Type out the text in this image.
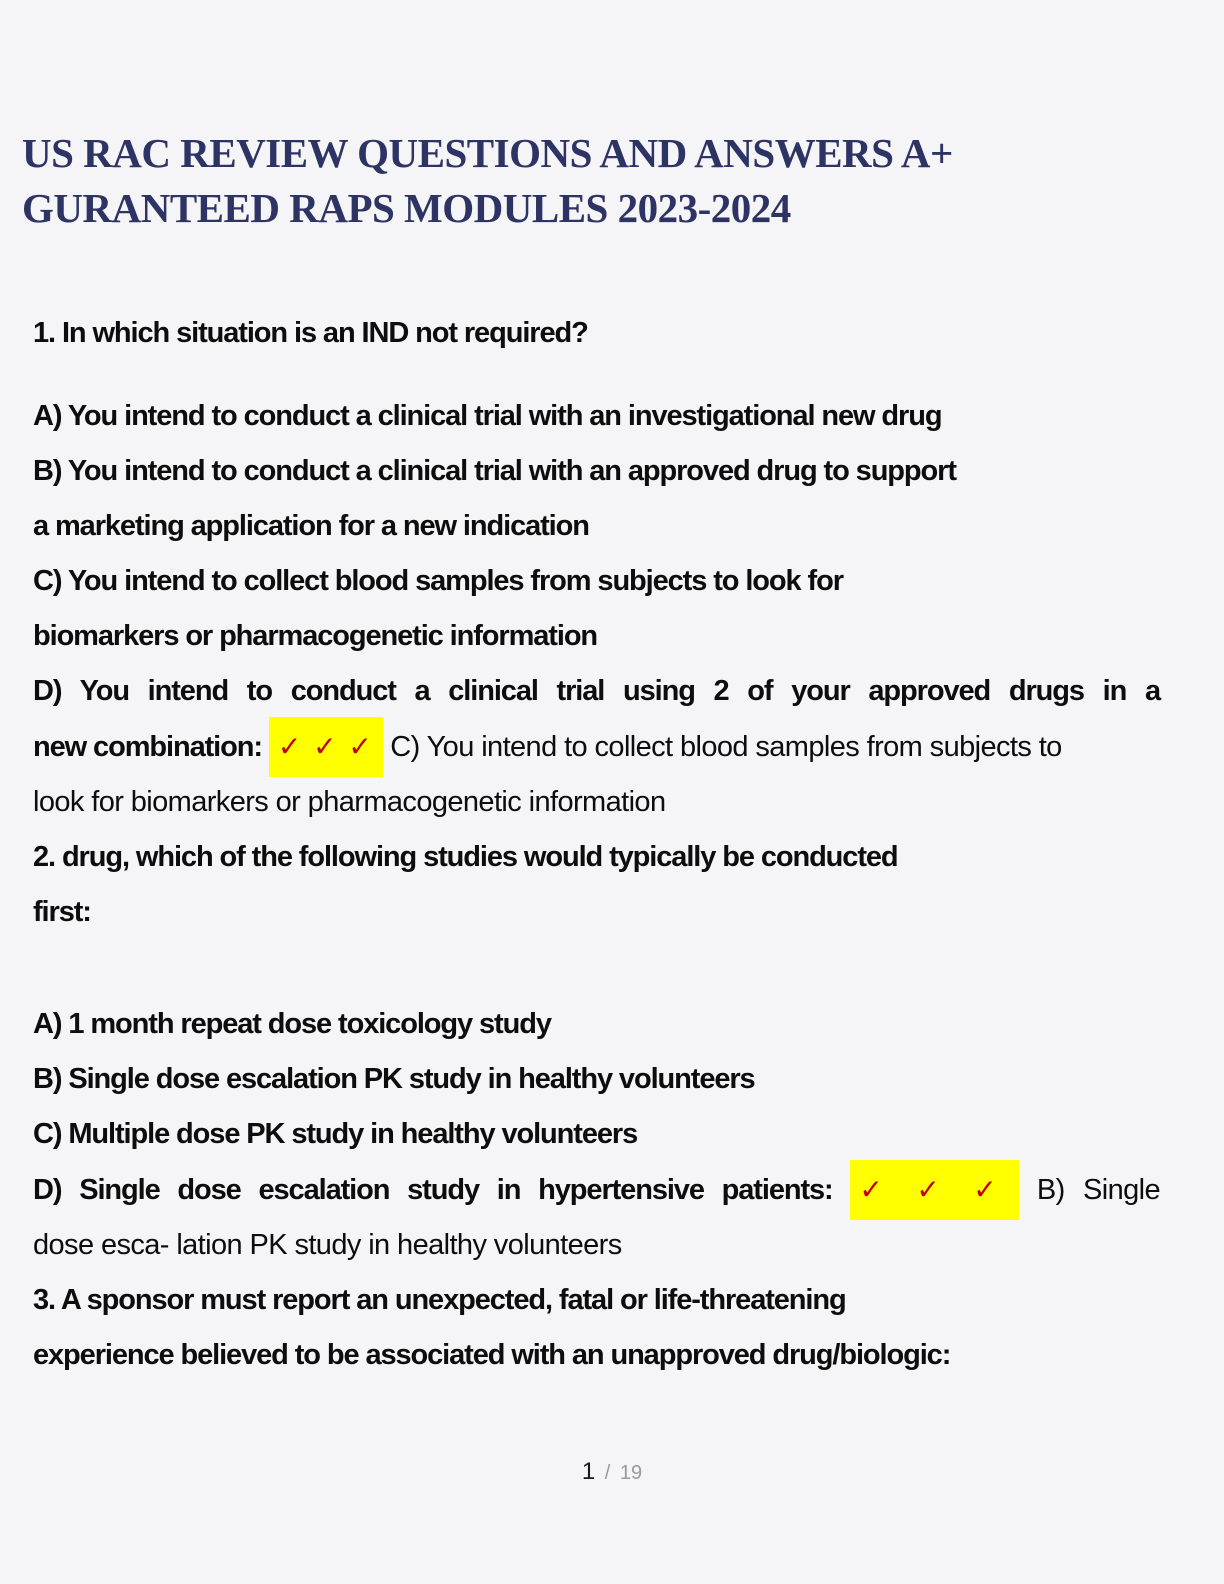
US RAC REVIEW QUESTIONS AND ANSWERS A+
GURANTEED RAPS MODULES 2023-2024
1. In which situation is an IND not required?
A) You intend to conduct a clinical trial with an investigational new drug
B) You intend to conduct a clinical trial with an approved drug to support
a marketing application for a new indication
C) You intend to collect blood samples from subjects to look for
biomarkers or pharmacogenetic information
D) You intend to conduct a clinical trial using 2 of your approved drugs in a
new combination: ✓ ✓ ✓ C) You intend to collect blood samples from subjects to
look for biomarkers or pharmacogenetic information
2. drug, which of the following studies would typically be conducted
first:
A) 1 month repeat dose toxicology study
B) Single dose escalation PK study in healthy volunteers
C) Multiple dose PK study in healthy volunteers
D) Single dose escalation study in hypertensive patients: ✓ ✓ ✓ B) Single
dose esca- lation PK study in healthy volunteers
3. A sponsor must report an unexpected, fatal or life-threatening
experience believed to be associated with an unapproved drug/biologic:
1 / 19
